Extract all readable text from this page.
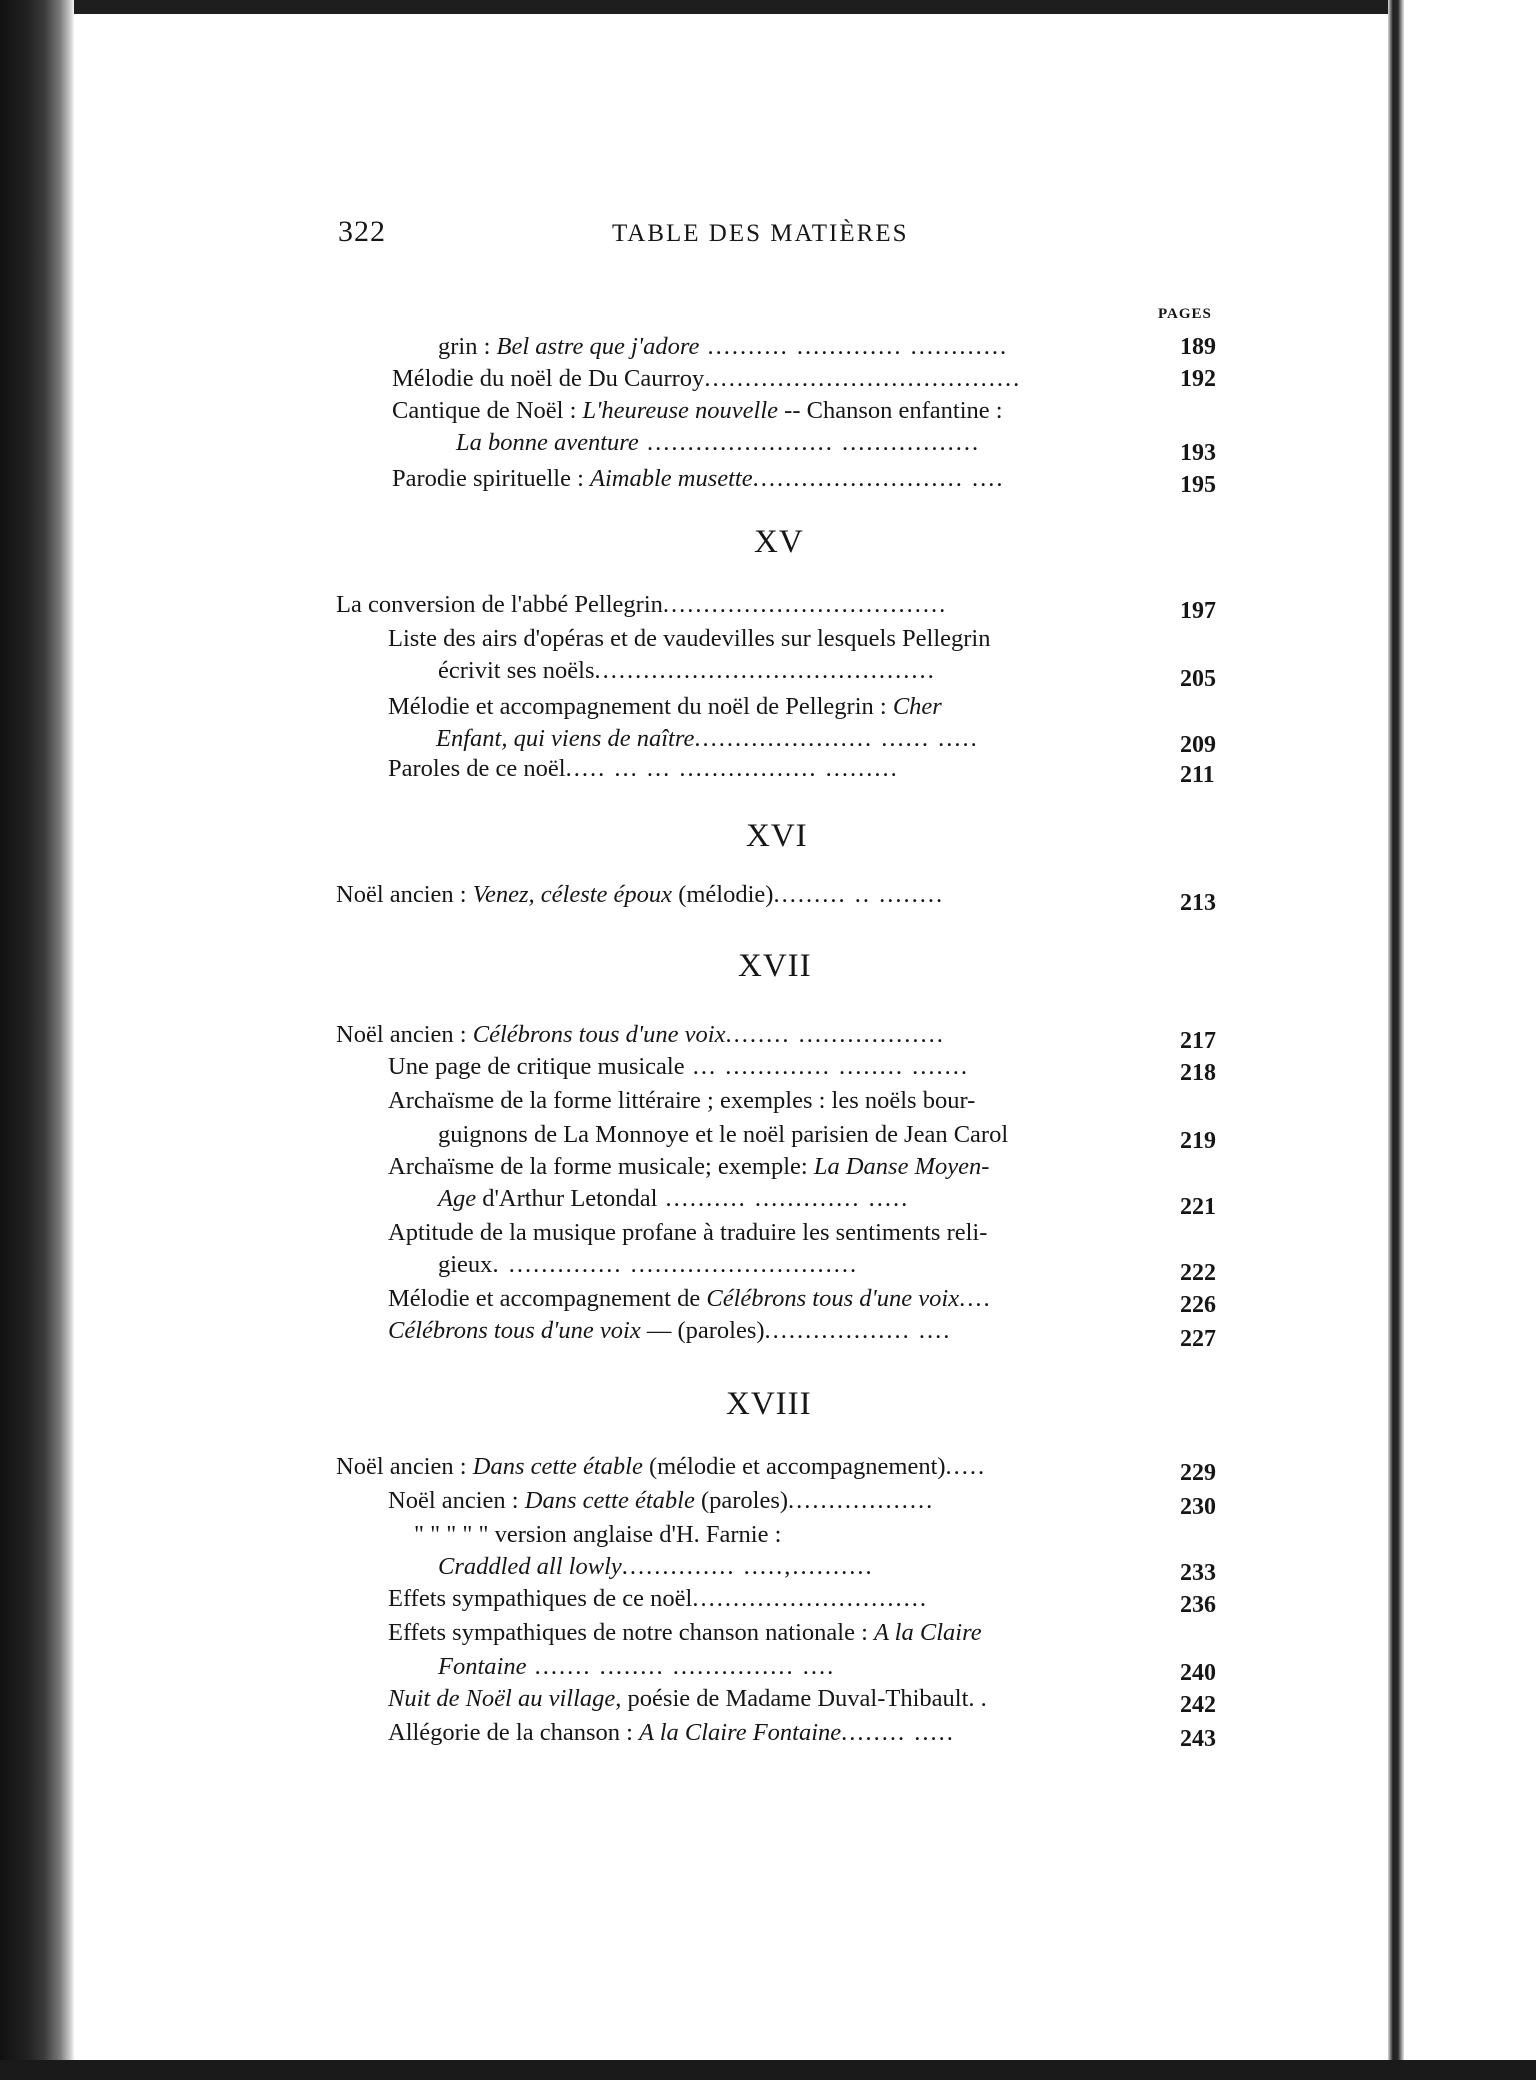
322	TABLE DES MATIÈRES
PAGES
grin : Bel astre que j'adore .......... ............. ............	189
Mélodie du noël de Du Caurroy.......................................	192
Cantique de Noël : L'heureuse nouvelle -- Chanson enfantine :
La bonne aventure ....................... .................	193
Parodie spirituelle : Aimable musette.......................... ....	195
XV
La conversion de l'abbé Pellegrin...................................	197
Liste des airs d'opéras et de vaudevilles sur lesquels Pellegrin
écrivit ses noëls..........................................	205
Mélodie et accompagnement du noël de Pellegrin : Cher
Enfant, qui viens de naître...................... ...... .....	209
Paroles de ce noël..... ... ... ................. .........	211
XVI
Noël ancien : Venez, céleste époux (mélodie)......... .. ........	213
XVII
Noël ancien : Célébrons tous d'une voix........ ..................	217
Une page de critique musicale ... ............. ........ .......	218
Archaïsme de la forme littéraire ; exemples : les noëls bour-
guignons de La Monnoye et le noël parisien de Jean Carol	219
Archaïsme de la forme musicale; exemple: La Danse Moyen-
Age d'Arthur Letondal .......... ............. .....	221
Aptitude de la musique profane à traduire les sentiments reli-
gieux. .............. ............................	222
Mélodie et accompagnement de Célébrons tous d'une voix....	226
Célébrons tous d'une voix — (paroles).................. ....	227
XVIII
Noël ancien : Dans cette étable (mélodie et accompagnement).....	229
Noël ancien : Dans cette étable (paroles)..................	230
" " " " " version anglaise d'H. Farnie :
Craddled all lowly.............. .....,..........	233
Effets sympathiques de ce noël.............................	236
Effets sympathiques de notre chanson nationale : A la Claire
Fontaine ....... ........ ............... ....	240
Nuit de Noël au village, poésie de Madame Duval-Thibault. .	242
Allégorie de la chanson : A la Claire Fontaine........ .....	243
